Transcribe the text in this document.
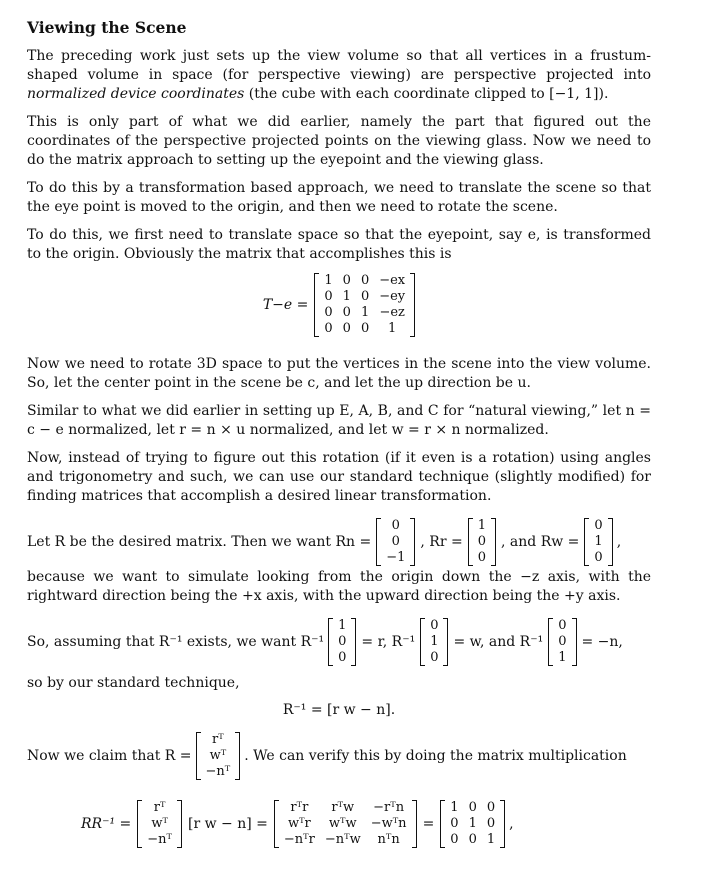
Viewing the Scene

The preceding work just sets up the view volume so that all vertices in a frustum-shaped volume in space (for perspective viewing) are perspective projected into normalized device coordinates (the cube with each coordinate clipped to [−1, 1]).

This is only part of what we did earlier, namely the part that figured out the coordinates of the perspective projected points on the viewing glass. Now we need to do the matrix approach to setting up the eyepoint and the viewing glass.

To do this by a transformation based approach, we need to translate the scene so that the eye point is moved to the origin, and then we need to rotate the scene.

To do this, we first need to translate space so that the eyepoint, say e, is transformed to the origin. Obviously the matrix that accomplishes this is

T−e =
1 0 0 −ex
0 1 0 −ey
0 0 1 −ez
0 0 0	1

Now we need to rotate 3D space to put the vertices in the scene into the view volume. So, let the center point in the scene be c, and let the up direction be u.

Similar to what we did earlier in setting up E, A, B, and C for “natural viewing,” let n = c − e normalized, let r = n × u normalized, and let w = r × n normalized.

Now, instead of trying to figure out this rotation (if it even is a rotation) using angles and trigonometry and such, we can use our standard technique (slightly modified) for finding matrices that accomplish a desired linear transformation.

Let R be the desired matrix. Then we want Rn =
0
0
−1
, Rr =
1
0
0
, and Rw =
0
1
0
,

because we want to simulate looking from the origin down the −z axis, with the rightward direction being the +x axis, with the upward direction being the +y axis.

So, assuming that R⁻¹ exists, we want R⁻¹
1
0
0
= r, R⁻¹
0
1
0
= w, and R⁻¹
0
0
1
= −n,

so by our standard technique,

R⁻¹ = [r w − n].
Now we claim that R =
rᵀ
wᵀ
−nᵀ
. We can verify this by doing the matrix multiplication
RR⁻¹ =
rᵀ
wᵀ
−nᵀ
[r w − n] =
rᵀr	rᵀw	−rᵀn
wᵀr	wᵀw	−wᵀn
−nᵀr −nᵀw	nᵀn
=
1 0 0
0 1 0
0 0 1
,
